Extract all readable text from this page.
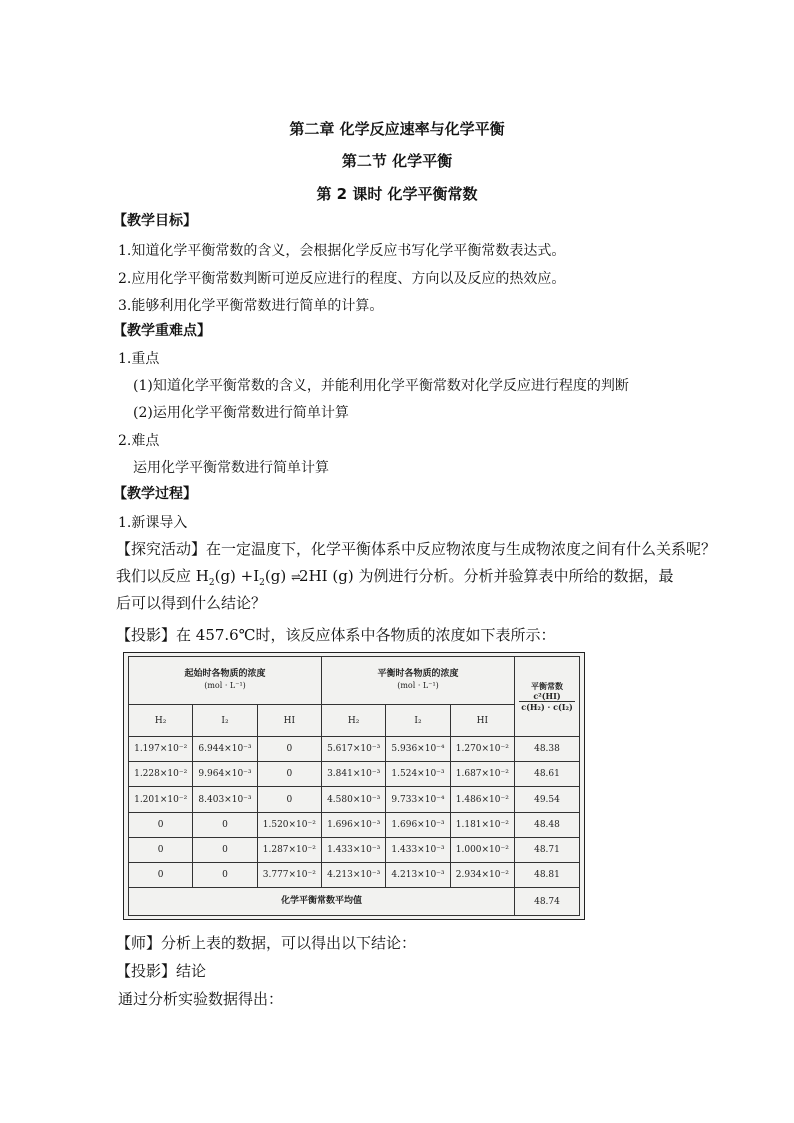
第二章 化学反应速率与化学平衡
第二节 化学平衡
第 2 课时 化学平衡常数
【教学目标】
1.知道化学平衡常数的含义，会根据化学反应书写化学平衡常数表达式。
2.应用化学平衡常数判断可逆反应进行的程度、方向以及反应的热效应。
3.能够利用化学平衡常数进行简单的计算。
【教学重难点】
1.重点
(1)知道化学平衡常数的含义，并能利用化学平衡常数对化学反应进行程度的判断
(2)运用化学平衡常数进行简单计算
2.难点
运用化学平衡常数进行简单计算
【教学过程】
1.新课导入
【探究活动】在一定温度下，化学平衡体系中反应物浓度与生成物浓度之间有什么关系呢？
我们以反应 $H_2(g) +I_2(g)$ ⇌2HI (g) 为例进行分析。分析并验算表中所给的数据，最
后可以得到什么结论？
【投影】在 457.6℃时，该反应体系中各物质的浓度如下表所示：
起始时各物质的浓度
(mol · L⁻¹)			平衡时各物质的浓度
(mol · L⁻¹)			平衡常数

$\frac{\text{c²(HI)}}{\text{c(H₂) · c(I₂)}}$

H₂	I₂	HI	H₂	I₂	HI	
1.197×10⁻²	6.944×10⁻³	0	5.617×10⁻³	5.936×10⁻⁴	1.270×10⁻²	48.38
1.228×10⁻²	9.964×10⁻³	0	3.841×10⁻³	1.524×10⁻³	1.687×10⁻²	48.61
1.201×10⁻²	8.403×10⁻³	0	4.580×10⁻³	9.733×10⁻⁴	1.486×10⁻²	49.54
0	0	1.520×10⁻²	1.696×10⁻³	1.696×10⁻³	1.181×10⁻²	48.48
0	0	1.287×10⁻²	1.433×10⁻³	1.433×10⁻³	1.000×10⁻²	48.71
0	0	3.777×10⁻²	4.213×10⁻³	4.213×10⁻³	2.934×10⁻²	48.81
化学平衡常数平均值						48.74
【师】分析上表的数据，可以得出以下结论：
【投影】结论
通过分析实验数据得出：
